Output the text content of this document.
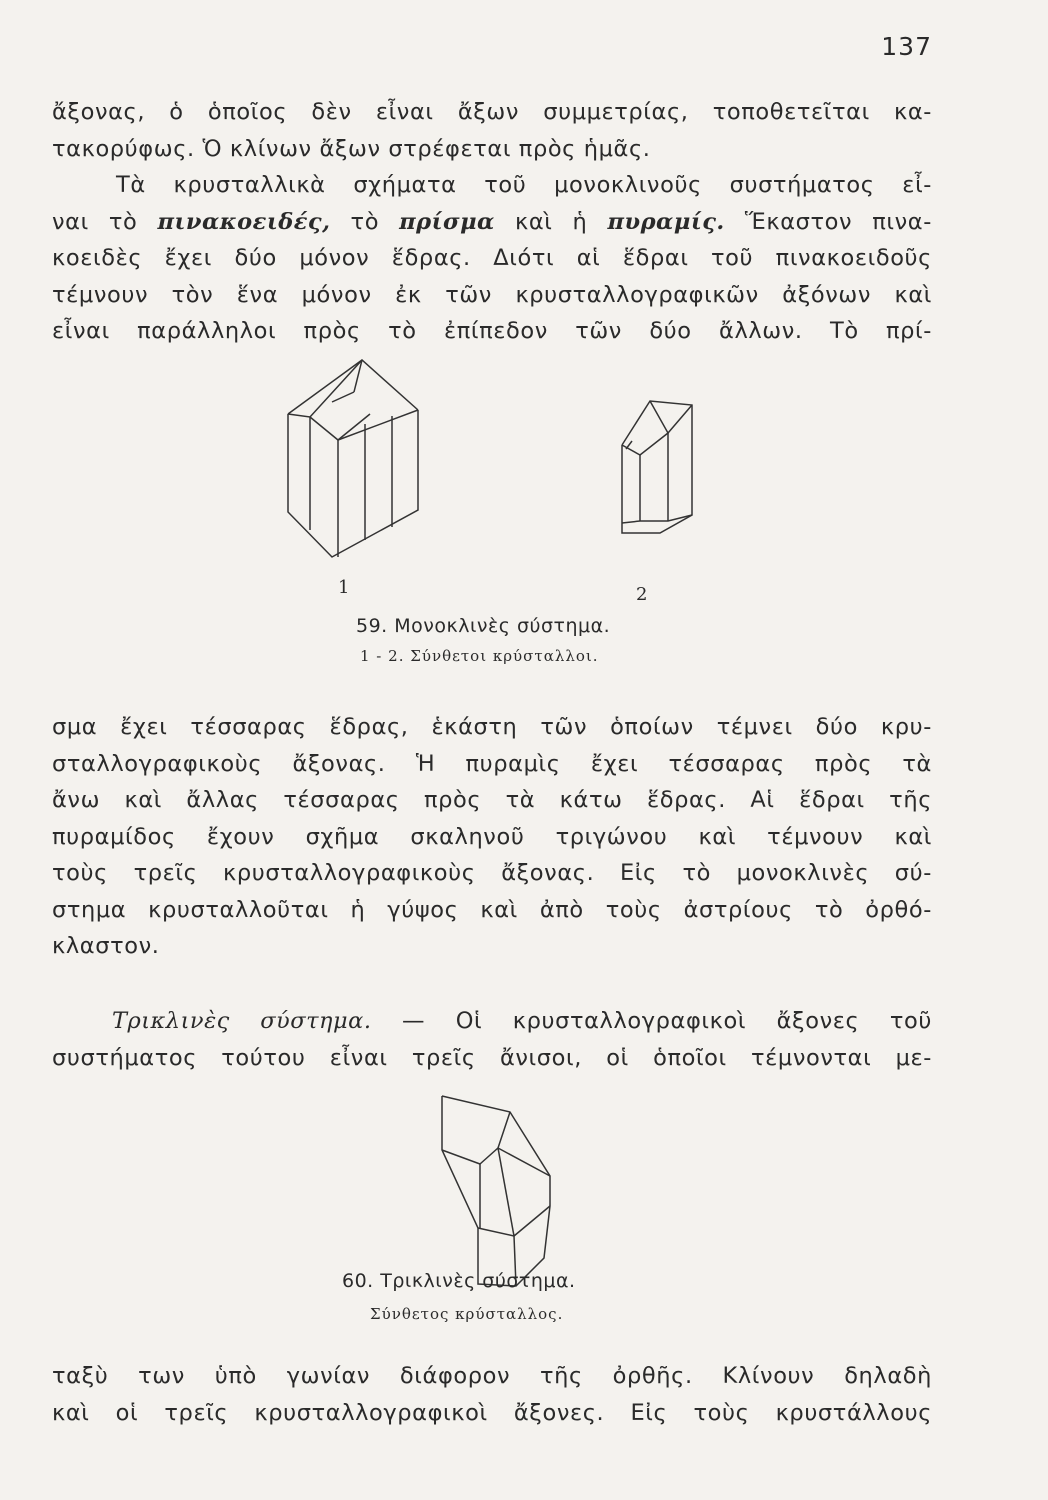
137
ἄξονας, ὁ ὁποῖος δὲν εἶναι ἄξων συμμετρίας, τοποθετεῖται κα-
τακορύφως. Ὁ κλίνων ἄξων στρέφεται πρὸς ἡμᾶς.
Τὰ κρυσταλλικὰ σχήματα τοῦ μονοκλινοῦς συστήματος εἶ-
ναι τὸ πινακοειδές, τὸ πρίσμα καὶ ἡ πυραμίς. Ἕκαστον πινα-
κοειδὲς ἔχει δύο μόνον ἕδρας. Διότι αἱ ἕδραι τοῦ πινακοειδοῦς
τέμνουν τὸν ἕνα μόνον ἐκ τῶν κρυσταλλογραφικῶν ἀξόνων καὶ
εἶναι παράλληλοι πρὸς τὸ ἐπίπεδον τῶν δύο ἄλλων. Τὸ πρί-
1	2
59. Μονοκλινὲς σύστημα.
1 - 2. Σύνθετοι κρύσταλλοι.
σμα ἔχει τέσσαρας ἕδρας, ἑκάστη τῶν ὁποίων τέμνει δύο κρυ-
σταλλογραφικοὺς ἄξονας. Ἡ πυραμὶς ἔχει τέσσαρας πρὸς τὰ
ἄνω καὶ ἄλλας τέσσαρας πρὸς τὰ κάτω ἕδρας. Αἱ ἕδραι τῆς
πυραμίδος ἔχουν σχῆμα σκαληνοῦ τριγώνου καὶ τέμνουν καὶ
τοὺς τρεῖς κρυσταλλογραφικοὺς ἄξονας. Εἰς τὸ μονοκλινὲς σύ-
στημα κρυσταλλοῦται ἡ γύψος καὶ ἀπὸ τοὺς ἀστρίους τὸ ὀρθό-
κλαστον.
Τρικλινὲς σύστημα. — Οἱ κρυσταλλογραφικοὶ ἄξονες τοῦ
συστήματος τούτου εἶναι τρεῖς ἄνισοι, οἱ ὁποῖοι τέμνονται με-
60. Τρικλινὲς σύστημα.
Σύνθετος κρύσταλλος.
ταξὺ των ὑπὸ γωνίαν διάφορον τῆς ὀρθῆς. Κλίνουν δηλαδὴ
καὶ οἱ τρεῖς κρυσταλλογραφικοὶ ἄξονες. Εἰς τοὺς κρυστάλλους
